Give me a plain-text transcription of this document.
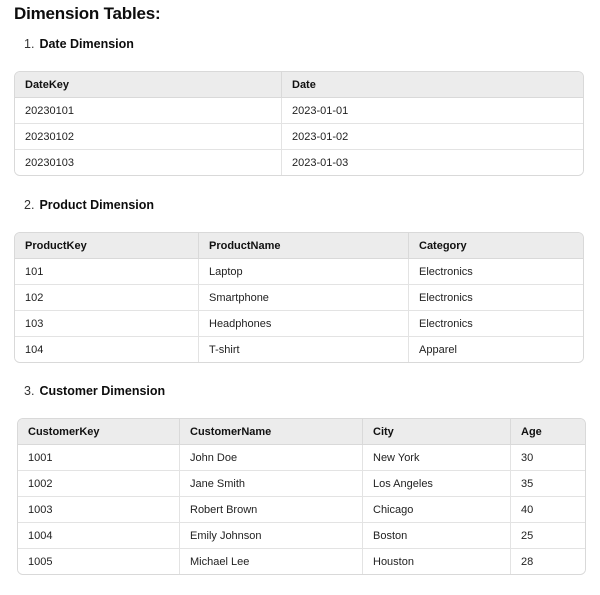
Dimension Tables:
1. Date Dimension
DateKey	Date
20230101	2023-01-01
20230102	2023-01-02
20230103	2023-01-03
2. Product Dimension
ProductKey	ProductName	Category
101	Laptop	Electronics
102	Smartphone	Electronics
103	Headphones	Electronics
104	T-shirt	Apparel
3. Customer Dimension
CustomerKey	CustomerName	City	Age
1001	John Doe	New York	30
1002	Jane Smith	Los Angeles	35
1003	Robert Brown	Chicago	40
1004	Emily Johnson	Boston	25
1005	Michael Lee	Houston	28
